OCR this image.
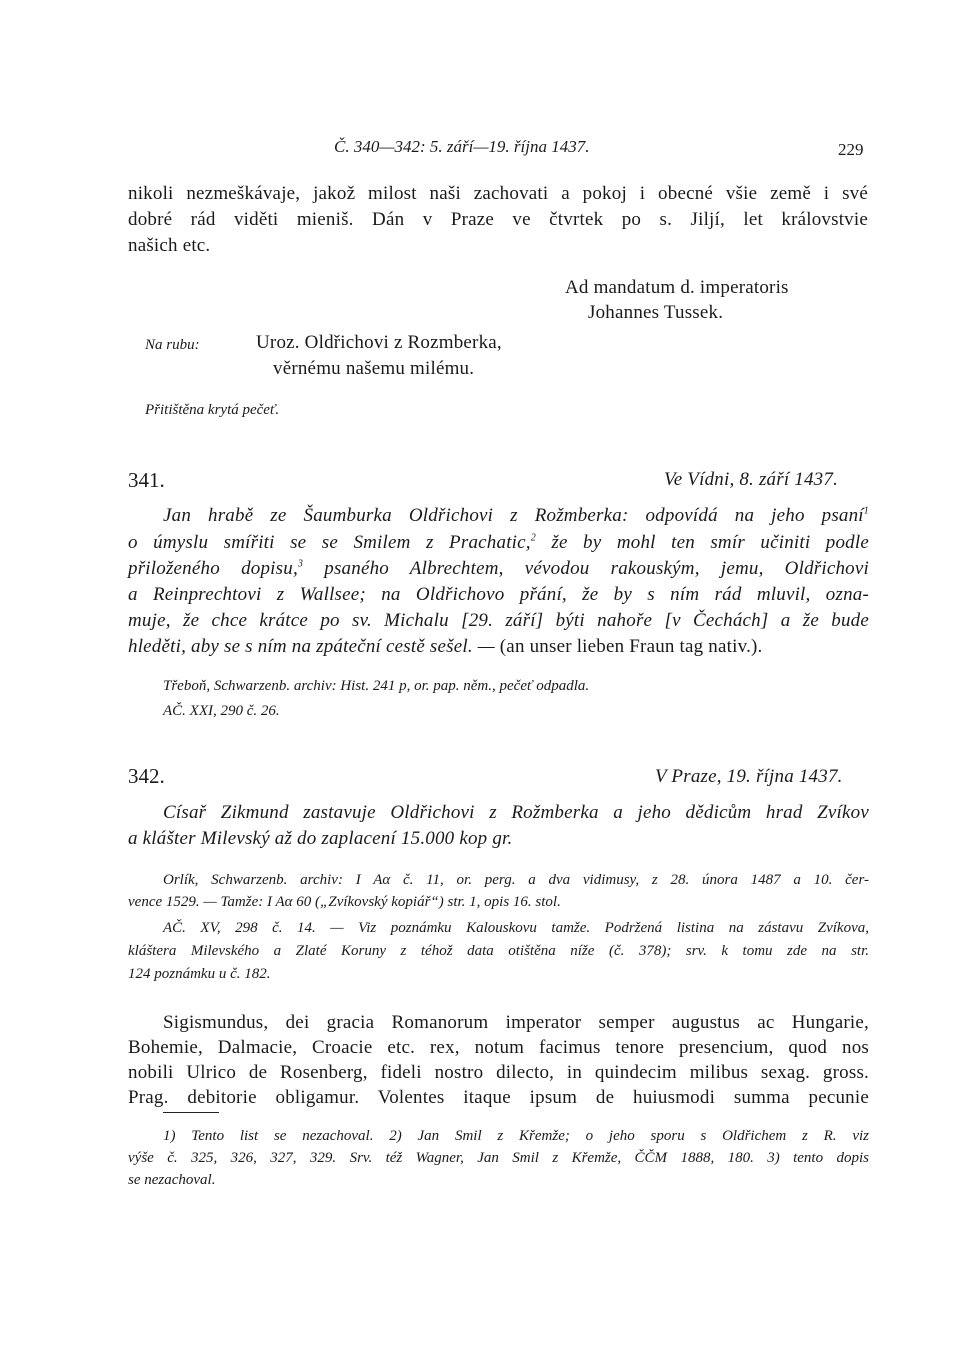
Č. 340—342: 5. září—19. října 1437.	229
nikoli nezmeškávaje, jakož milost naši zachovati a pokoj i obecné všie země i své
dobré rád viděti mieniš. Dán v Praze ve čtvrtek po s. Jiljí, let královstvie
našich etc.
Ad mandatum d. imperatoris
Johannes Tussek.
Na rubu:	Uroz. Oldřichovi z Rozmberka,
věrnému našemu milému.
Přitištěna krytá pečeť.
341.	Ve Vídni, 8. září 1437.
Jan hrabě ze Šaumburka Oldřichovi z Rožmberka: odpovídá na jeho psaní$^1$
o úmyslu smířiti se se Smilem z Prachatic,$^2$ že by mohl ten smír učiniti podle
přiloženého dopisu,$^3$ psaného Albrechtem, vévodou rakouským, jemu, Oldřichovi
a Reinprechtovi z Wallsee; na Oldřichovo přání, že by s ním rád mluvil, ozna-
muje, že chce krátce po sv. Michalu [29. září] býti nahoře [v Čechách] a že bude
hleděti, aby se s ním na zpáteční cestě sešel. — (an unser lieben Fraun tag nativ.).
Třeboň, Schwarzenb. archiv: Hist. 241 p, or. pap. něm., pečeť odpadla.
AČ. XXI, 290 č. 26.
342.	V Praze, 19. října 1437.
Císař Zikmund zastavuje Oldřichovi z Rožmberka a jeho dědicům hrad Zvíkov
a klášter Milevský až do zaplacení 15.000 kop gr.
Orlík, Schwarzenb. archiv: I Aα č. 11, or. perg. a dva vidimusy, z 28. února 1487 a 10. čer-
vence 1529. — Tamže: I Aα 60 („Zvíkovský kopiář“) str. 1, opis 16. stol.
AČ. XV, 298 č. 14. — Viz poznámku Kalouskovu tamže. Podržená listina na zástavu Zvíkova,
kláštera Milevského a Zlaté Koruny z téhož data otištěna níže (č. 378); srv. k tomu zde na str.
124 poznámku u č. 182.
Sigismundus, dei gracia Romanorum imperator semper augustus ac Hungarie,
Bohemie, Dalmacie, Croacie etc. rex, notum facimus tenore presencium, quod nos
nobili Ulrico de Rosenberg, fideli nostro dilecto, in quindecim milibus sexag. gross.
Prag. debitorie obligamur. Volentes itaque ipsum de huiusmodi summa pecunie
1) Tento list se nezachoval. 2) Jan Smil z Křemže; o jeho sporu s Oldřichem z R. viz
výše č. 325, 326, 327, 329. Srv. též Wagner, Jan Smil z Křemže, ČČM 1888, 180. 3) tento dopis
se nezachoval.
